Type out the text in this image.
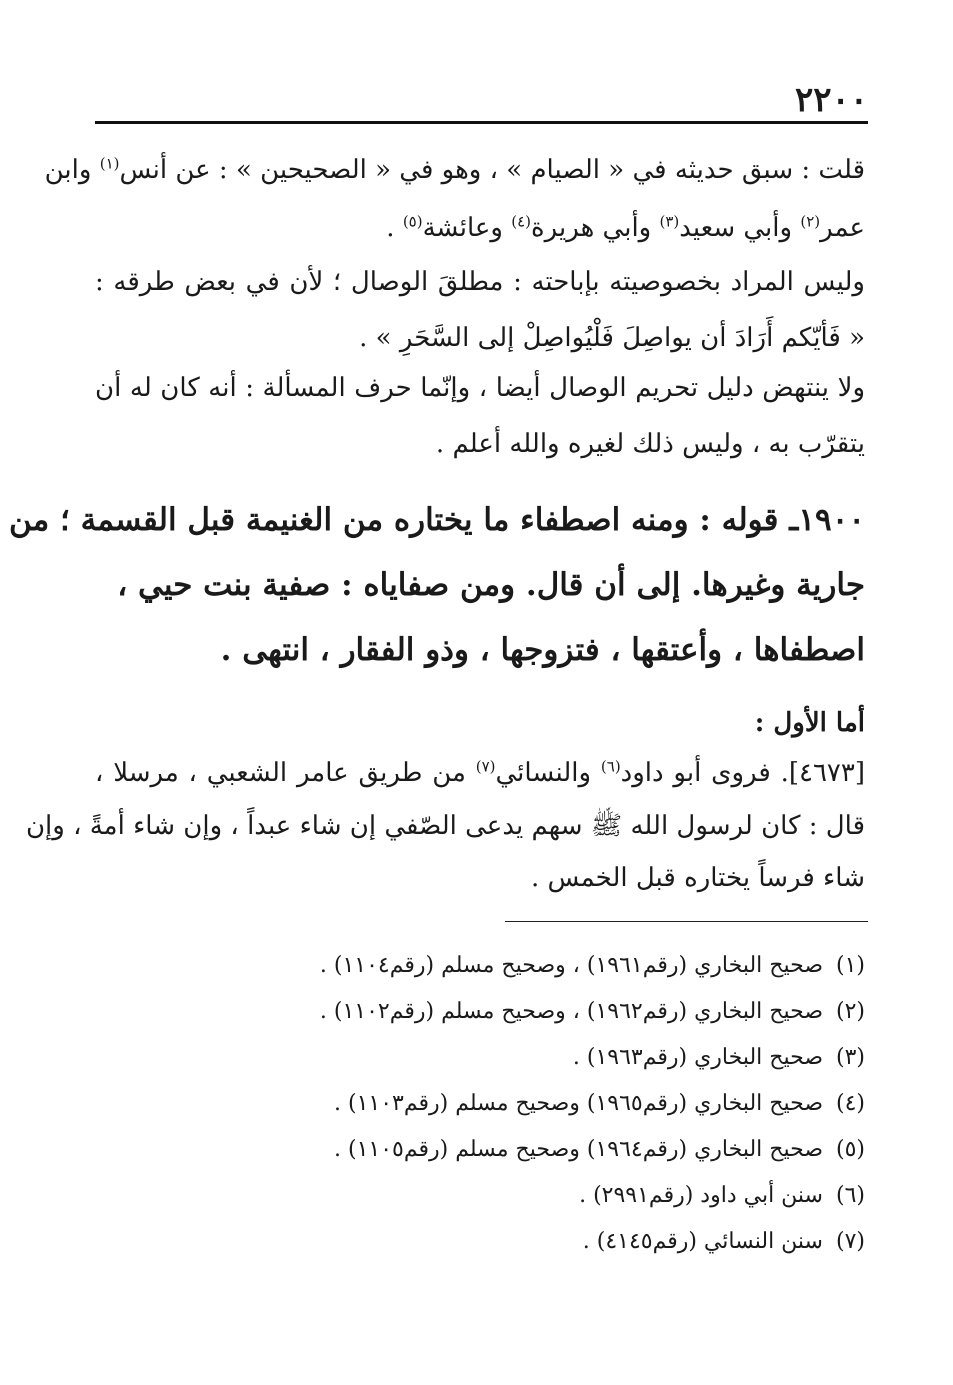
٢٢٠٠
قلت : سبق حديثه في « الصيام » ، وهو في « الصحيحين » : عن أنس$^{(١)}$ وابن
عمر$^{(٢)}$ وأبي سعيد$^{(٣)}$ وأبي هريرة$^{(٤)}$ وعائشة$^{(٥)}$ .
وليس المراد بخصوصيته بإباحته : مطلقَ الوصال ؛ لأن في بعض طرقه :
« فَأيّكم أَرَادَ أن يواصِلَ فَلْيُواصِلْ إلى السَّحَرِ » .
ولا ينتهض دليل تحريم الوصال أيضا ، وإنّما حرف المسألة : أنه كان له أن
يتقرّب به ، وليس ذلك لغيره والله أعلم .
١٩٠٠ـ قوله : ومنه اصطفاء ما يختاره من الغنيمة قبل القسمة ؛ من
جارية وغيرها. إلى أن قال. ومن صفاياه : صفية بنت حيي ،
اصطفاها ، وأعتقها ، فتزوجها ، وذو الفقار ، انتهى .
أما الأول :
[٤٦٧٣]. فروى أبو داود$^{(٦)}$ والنسائي$^{(٧)}$ من طريق عامر الشعبي ، مرسلا ،
قال : كان لرسول الله ﷺ سهم يدعى الصّفي إن شاء عبداً ، وإن شاء أمةً ، وإن
شاء فرساً يختاره قبل الخمس .
(١)صحيح البخاري (رقم١٩٦١) ، وصحيح مسلم (رقم١١٠٤) .
(٢)صحيح البخاري (رقم١٩٦٢) ، وصحيح مسلم (رقم١١٠٢) .
(٣)صحيح البخاري (رقم١٩٦٣) .
(٤)صحيح البخاري (رقم١٩٦٥) وصحيح مسلم (رقم١١٠٣) .
(٥)صحيح البخاري (رقم١٩٦٤) وصحيح مسلم (رقم١١٠٥) .
(٦)سنن أبي داود (رقم٢٩٩١) .
(٧)سنن النسائي (رقم٤١٤٥) .
